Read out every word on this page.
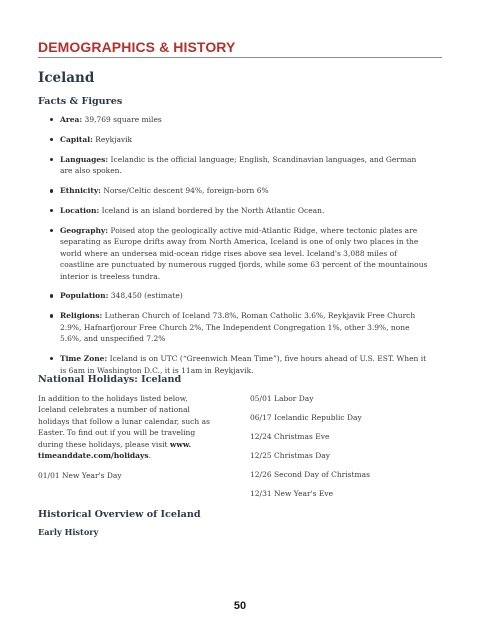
DEMOGRAPHICS & HISTORY
Iceland
Facts & Figures
Area: 39,769 square miles
Capital: Reykjavik
Languages: Icelandic is the official language; English, Scandinavian languages, and German are also spoken.
Ethnicity: Norse/Celtic descent 94%, foreign-born 6%
Location: Iceland is an island bordered by the North Atlantic Ocean.
Geography: Poised atop the geologically active mid-Atlantic Ridge, where tectonic plates are separating as Europe drifts away from North America, Iceland is one of only two places in the world where an undersea mid-ocean ridge rises above sea level. Iceland's 3,088 miles of coastline are punctuated by numerous rugged fjords, while some 63 percent of the mountainous interior is treeless tundra.
Population: 348,450 (estimate)
Religions: Lutheran Church of Iceland 73.8%, Roman Catholic 3.6%, Reykjavik Free Church 2.9%, Hafnarfjorour Free Church 2%, The Independent Congregation 1%, other 3.9%, none 5.6%, and unspecified 7.2%
Time Zone: Iceland is on UTC (“Greenwich Mean Time”), five hours ahead of U.S. EST. When it is 6am in Washington D.C., it is 11am in Reykjavik.
National Holidays: Iceland
In addition to the holidays listed below, Iceland celebrates a number of national holidays that follow a lunar calendar, such as Easter. To find out if you will be traveling during these holidays, please visit www. timeanddate.com/holidays.
01/01 New Year's Day
05/01 Labor Day
06/17 Icelandic Republic Day
12/24 Christmas Eve
12/25 Christmas Day
12/26 Second Day of Christmas
12/31 New Year's Eve
Historical Overview of Iceland
Early History
50
